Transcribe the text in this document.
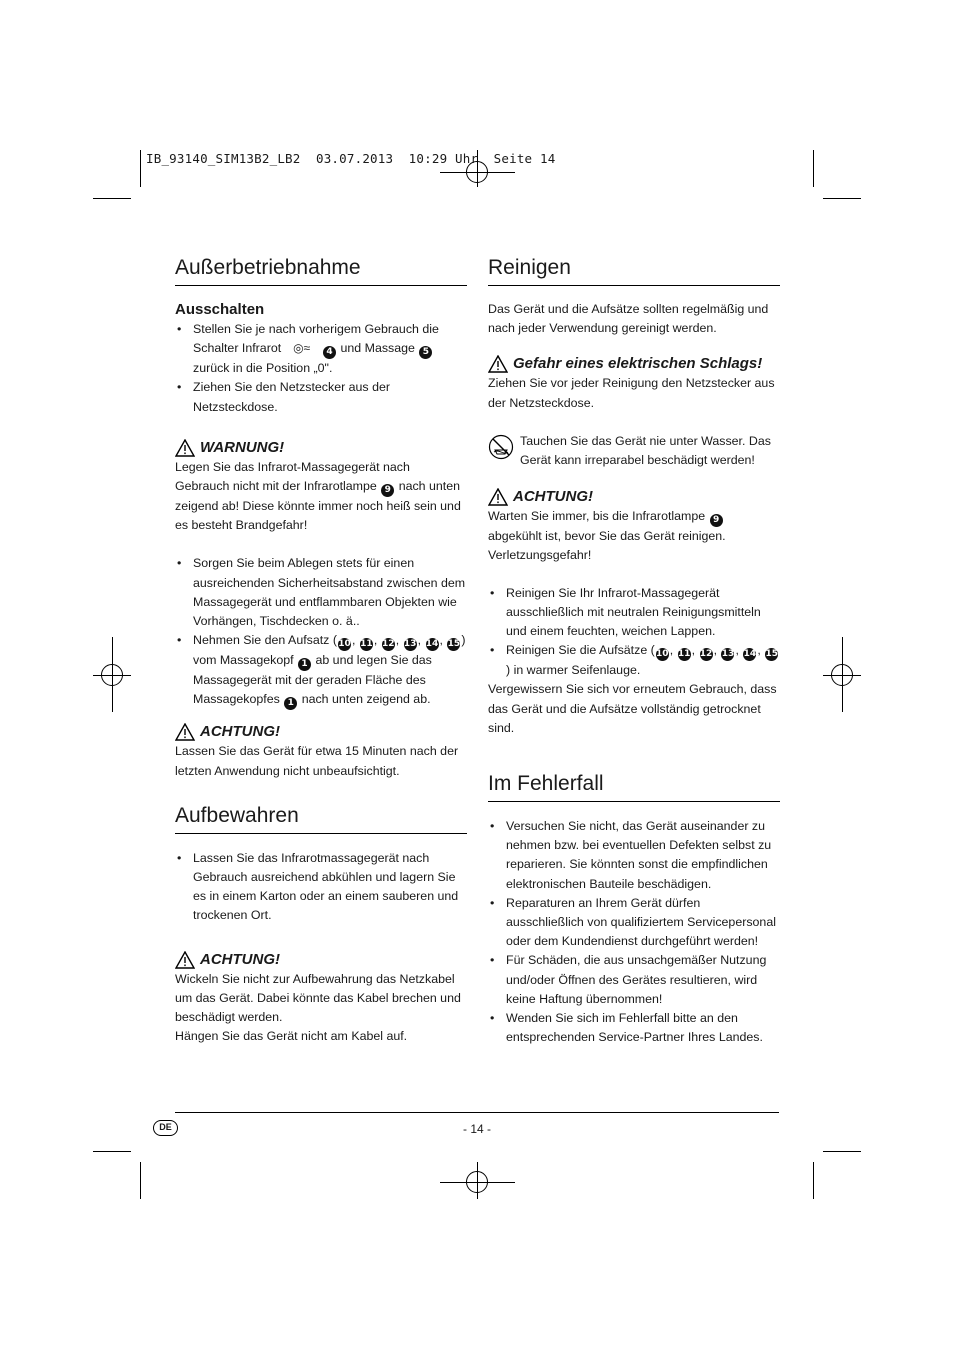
IB_93140_SIM13B2_LB2  03.07.2013  10:29 Uhr  Seite 14
Außerbetriebnahme
Ausschalten
• Stellen Sie je nach vorherigem Gebrauch die Schalter Infrarot ◎≈ 4 und Massage 5 zurück in die Position „0".
• Ziehen Sie den Netzstecker aus der Netzsteckdose.
WARNUNG!

Legen Sie das Infrarot-Massagegerät nach Gebrauch nicht mit der Infrarotlampe 9 nach unten zeigend ab! Diese könnte immer noch heiß sein und es besteht Brandgefahr!

• Sorgen Sie beim Ablegen stets für einen ausreichenden Sicherheitsabstand zwischen dem Massagegerät und entflammbaren Objekten wie Vorhängen, Tischdecken o. ä..
• Nehmen Sie den Aufsatz (10, 11, 12, 13, 14, 15) vom Massagekopf 1 ab und legen Sie das Massagegerät mit der geraden Fläche des Massagekopfes 1 nach unten zeigend ab.
ACHTUNG!

Lassen Sie das Gerät für etwa 15 Minuten nach der letzten Anwendung nicht unbeaufsichtigt.

Aufbewahren
• Lassen Sie das Infrarotmassagegerät nach Gebrauch ausreichend abkühlen und lagern Sie es in einem Karton oder an einem sauberen und trockenen Ort.
ACHTUNG!

Wickeln Sie nicht zur Aufbewahrung das Netzkabel um das Gerät. Dabei könnte das Kabel brechen und beschädigt werden.

Hängen Sie das Gerät nicht am Kabel auf.

Reinigen

Das Gerät und die Aufsätze sollten regelmäßig und nach jeder Verwendung gereinigt werden.

Gefahr eines elektrischen Schlags!

Ziehen Sie vor jeder Reinigung den Netzstecker aus der Netzsteckdose.

Tauchen Sie das Gerät nie unter Wasser. Das Gerät kann irreparabel beschädigt werden!

ACHTUNG!

Warten Sie immer, bis die Infrarotlampe 9 abgekühlt ist, bevor Sie das Gerät reinigen. Verletzungsgefahr!

• Reinigen Sie Ihr Infrarot-Massagegerät ausschließlich mit neutralen Reinigungsmitteln und einem feuchten, weichen Lappen.
• Reinigen Sie die Aufsätze (10, 11, 12, 13, 14, 15) in warmer Seifenlauge.

Vergewissern Sie sich vor erneutem Gebrauch, dass das Gerät und die Aufsätze vollständig getrocknet sind.

Im Fehlerfall
• Versuchen Sie nicht, das Gerät auseinander zu nehmen bzw. bei eventuellen Defekten selbst zu reparieren. Sie könnten sonst die empfindlichen elektronischen Bauteile beschädigen.
• Reparaturen an Ihrem Gerät dürfen ausschließlich von qualifiziertem Servicepersonal oder dem Kundendienst durchgeführt werden!
• Für Schäden, die aus unsachgemäßer Nutzung und/oder Öffnen des Gerätes resultieren, wird keine Haftung übernommen!
• Wenden Sie sich im Fehlerfall bitte an den entsprechenden Service-Partner Ihres Landes.
DE	- 14 -
